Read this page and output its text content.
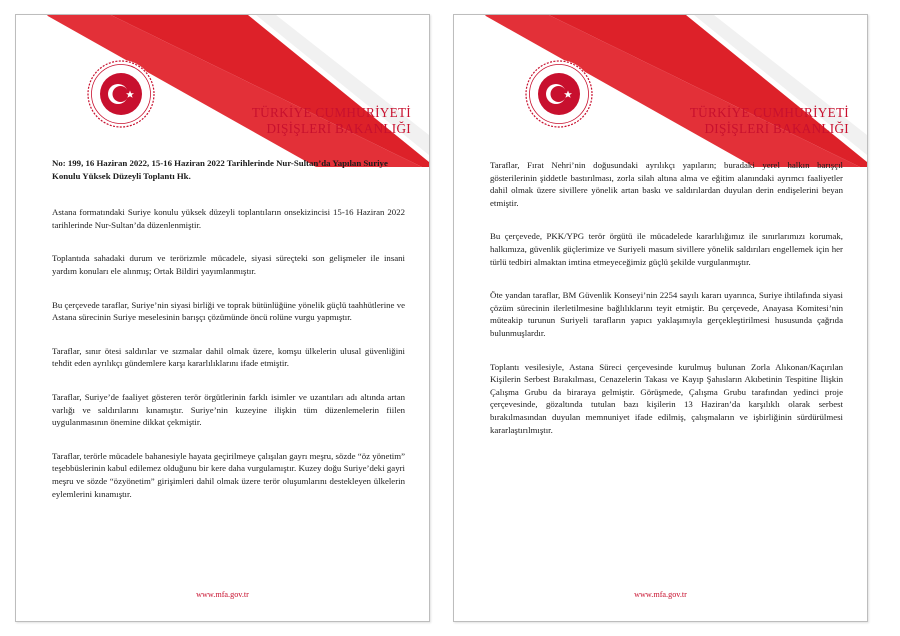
TÜRKİYE CUMHURİYETİ
DIŞİŞLERİ BAKANLIĞI

No: 199, 16 Haziran 2022, 15-16 Haziran 2022 Tarihlerinde Nur-Sultan’da Yapılan Suriye Konulu Yüksek Düzeyli Toplantı Hk.

Astana formatındaki Suriye konulu yüksek düzeyli toplantıların onsekizincisi 15-16 Haziran 2022 tarihlerinde Nur-Sultan’da düzenlenmiştir.

Toplantıda sahadaki durum ve terörizmle mücadele, siyasi süreçteki son gelişmeler ile insani yardım konuları ele alınmış; Ortak Bildiri yayımlanmıştır.

Bu çerçevede taraflar, Suriye’nin siyasi birliği ve toprak bütünlüğüne yönelik güçlü taahhütlerine ve Astana sürecinin Suriye meselesinin barışçı çözümünde öncü rolüne vurgu yapmıştır.

Taraflar, sınır ötesi saldırılar ve sızmalar dahil olmak üzere, komşu ülkelerin ulusal güvenliğini tehdit eden ayrılıkçı gündemlere karşı kararlılıklarını ifade etmiştir.

Taraflar, Suriye’de faaliyet gösteren terör örgütlerinin farklı isimler ve uzantıları adı altında artan varlığı ve saldırılarını kınamıştır. Suriye’nin kuzeyine ilişkin tüm düzenlemelerin fiilen uygulanmasının önemine dikkat çekmiştir.

Taraflar, terörle mücadele bahanesiyle hayata geçirilmeye çalışılan gayrı meşru, sözde “öz yönetim” teşebbüslerinin kabul edilemez olduğunu bir kere daha vurgulamıştır. Kuzey doğu Suriye’deki gayri meşru ve sözde “özyönetim” girişimleri dahil olmak üzere terör oluşumlarını destekleyen ülkelerin eylemlerini kınamıştır.

www.mfa.gov.tr
TÜRKİYE CUMHURİYETİ
DIŞİŞLERİ BAKANLIĞI

Taraflar, Fırat Nehri’nin doğusundaki ayrılıkçı yapıların; buradaki yerel halkın barışçıl gösterilerinin şiddetle bastırılması, zorla silah altına alma ve eğitim alanındaki ayrımcı faaliyetler dahil olmak üzere sivillere yönelik artan baskı ve saldırılardan duyulan derin endişelerini beyan etmiştir.

Bu çerçevede, PKK/YPG terör örgütü ile mücadelede kararlılığımız ile sınırlarımızı korumak, halkımıza, güvenlik güçlerimize ve Suriyeli masum sivillere yönelik saldırıları engellemek için her türlü tedbiri almaktan imtina etmeyeceğimiz güçlü şekilde vurgulanmıştır.

Öte yandan taraflar, BM Güvenlik Konseyi’nin 2254 sayılı kararı uyarınca, Suriye ihtilafında siyasi çözüm sürecinin ilerletilmesine bağlılıklarını teyit etmiştir. Bu çerçevede, Anayasa Komitesi’nin müteakip turunun Suriyeli tarafların yapıcı yaklaşımıyla gerçekleştirilmesi hususunda çağrıda bulunmuşlardır.

Toplantı vesilesiyle, Astana Süreci çerçevesinde kurulmuş bulunan Zorla Alıkonan/Kaçırılan Kişilerin Serbest Bırakılması, Cenazelerin Takası ve Kayıp Şahısların Akıbetinin Tespitine İlişkin Çalışma Grubu da biraraya gelmiştir. Görüşmede, Çalışma Grubu tarafından yedinci proje çerçevesinde, gözaltında tutulan bazı kişilerin 13 Haziran’da karşılıklı olarak serbest bırakılmasından duyulan memnuniyet ifade edilmiş, çalışmaların ve işbirliğinin sürdürülmesi kararlaştırılmıştır.

www.mfa.gov.tr
